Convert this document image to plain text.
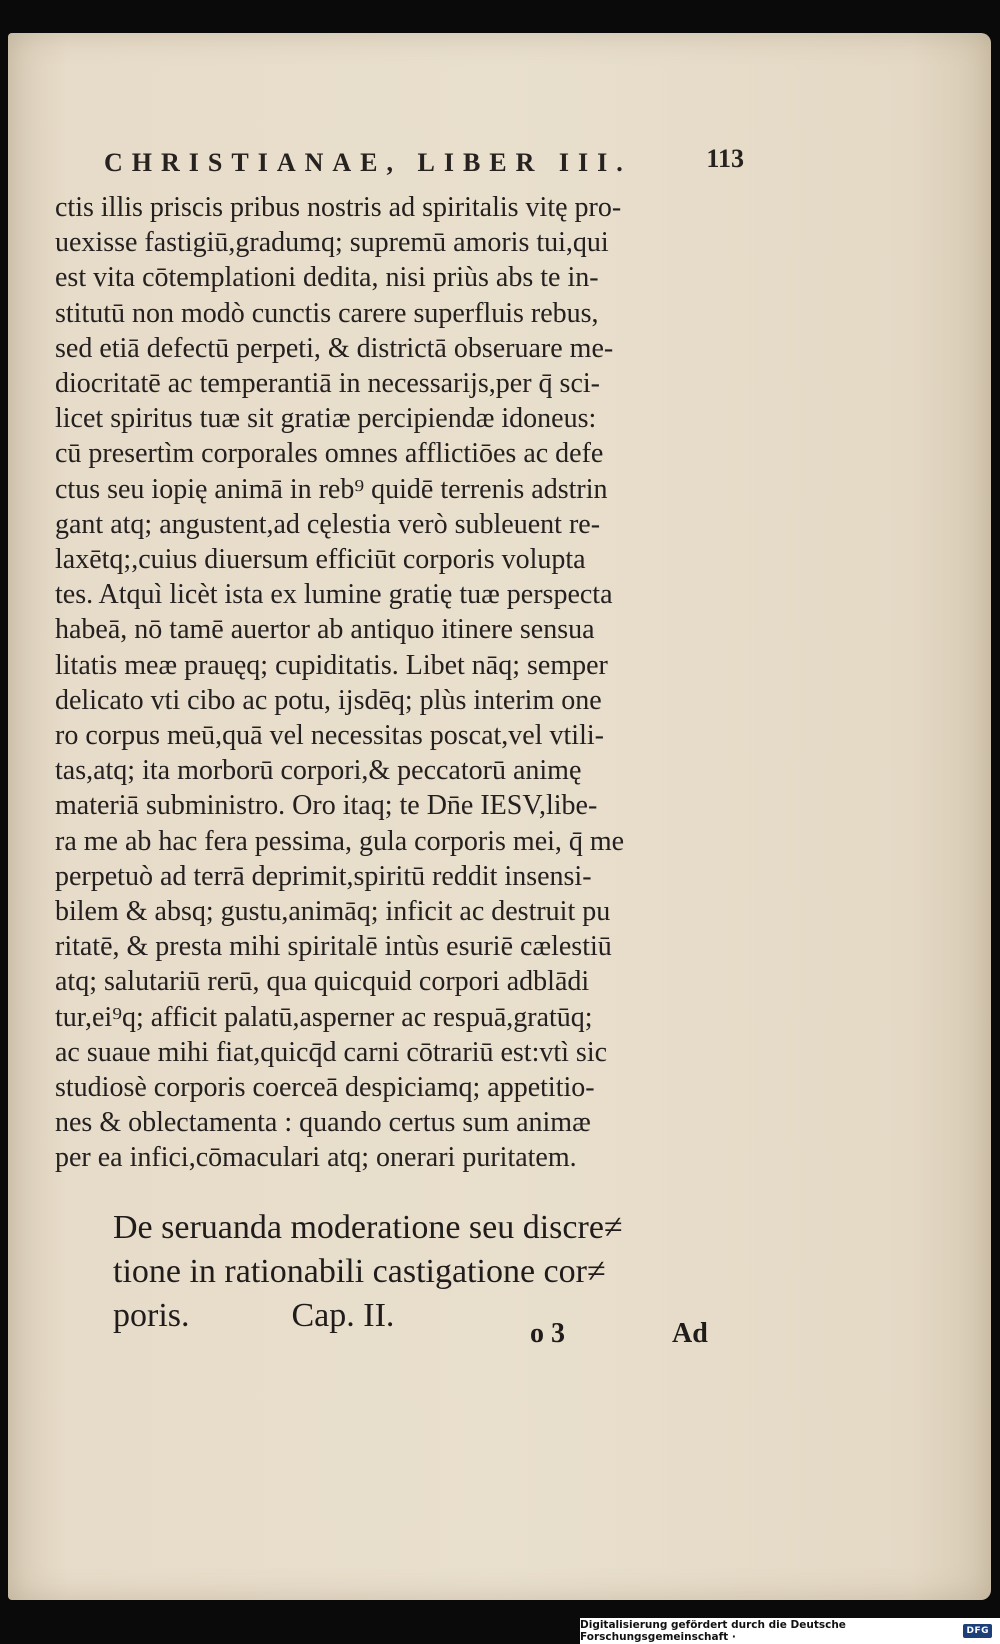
CHRISTIANAE, LIBER III.	113
ctis illis priscis pribus nostris ad spiritalis vitę pro-
uexisse fastigiū,gradumq; supremū amoris tui,qui
est vita cōtemplationi dedita, nisi priùs abs te in-
stitutū non modò cunctis carere superfluis rebus,
sed etiā defectū perpeti, & districtā obseruare me-
diocritatē ac temperantiā in necessarijs,per q̄ sci-
licet spiritus tuæ sit gratiæ percipiendæ idoneus:
cū presertìm corporales omnes afflictiōes ac defe
ctus seu iopię animā in reb⁹ quidē terrenis adstrin
gant atq; angustent,ad cęlestia verò subleuent re-
laxētq;,cuius diuersum efficiūt corporis volupta
tes. Atquì licèt ista ex lumine gratię tuæ perspecta
habeā, nō tamē auertor ab antiquo itinere sensua
litatis meæ prauęq; cupiditatis. Libet nāq; semper
delicato vti cibo ac potu, ijsdēq; plùs interim one
ro corpus meū,quā vel necessitas poscat,vel vtili-
tas,atq; ita morborū corpori,& peccatorū animę
materiā subministro. Oro itaq; te Dn̄e IESV,libe-
ra me ab hac fera pessima, gula corporis mei, q̄ me
perpetuò ad terrā deprimit,spiritū reddit insensi-
bilem & absq; gustu,animāq; inficit ac destruit pu
ritatē, & presta mihi spiritalē intùs esuriē cælestiū
atq; salutariū rerū, qua quicquid corpori adblādi
tur,ei⁹q; afficit palatū,asperner ac respuā,gratūq;
ac suaue mihi fiat,quicq̄d carni cōtrariū est:vtì sic
studiosè corporis coerceā despiciamq; appetitio-
nes & oblectamenta : quando certus sum animæ
per ea infici,cōmaculari atq; onerari puritatem.
De seruanda moderatione seu discre≠
tione in rationabili castigatione cor≠
poris.            Cap. II.	o 3	Ad
Digitalisierung gefördert durch die Deutsche Forschungsgemeinschaft ·	DFG
